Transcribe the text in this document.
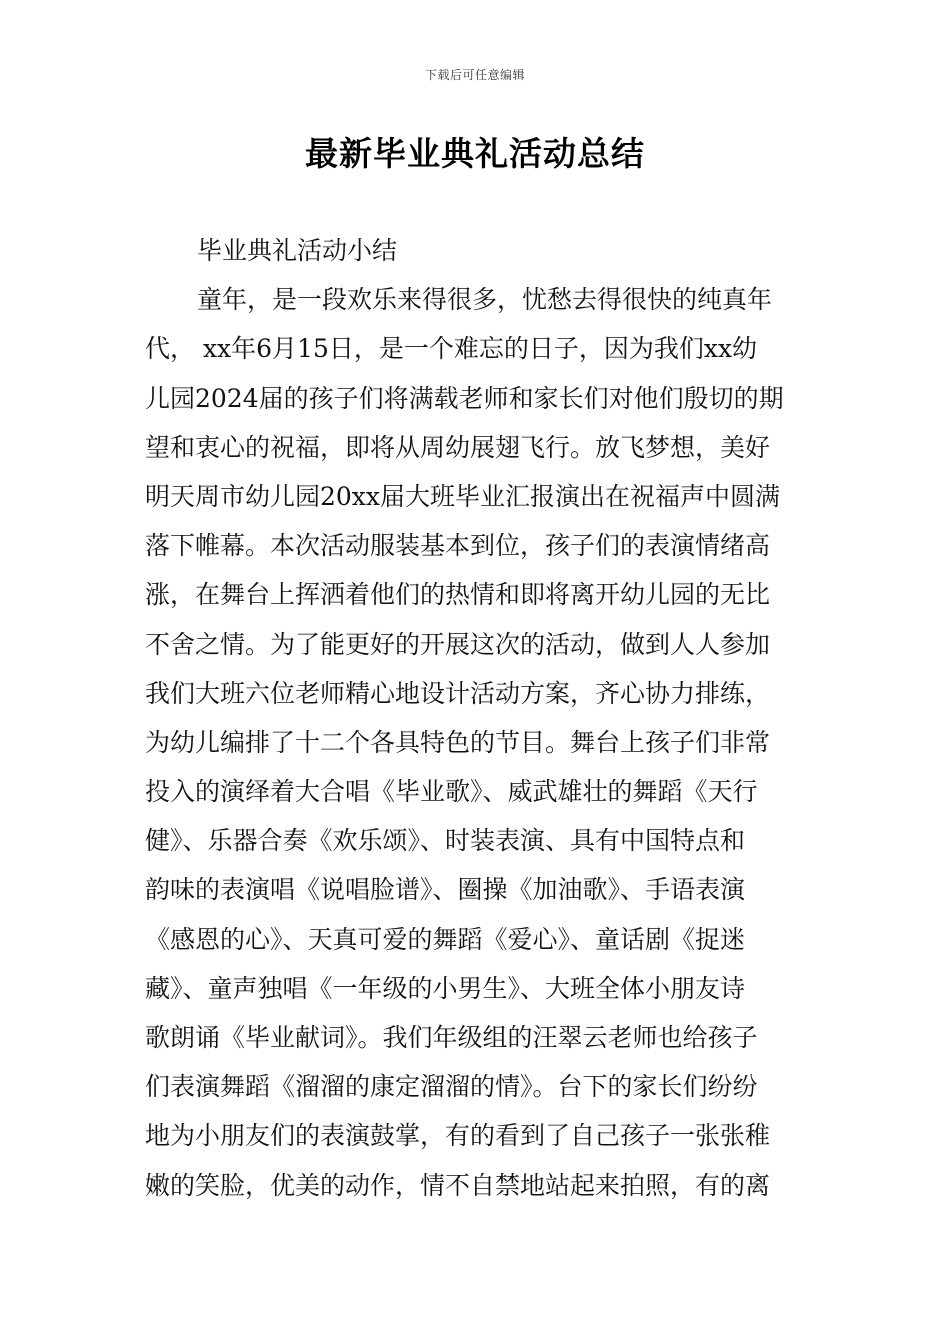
下载后可任意编辑
最新毕业典礼活动总结
毕业典礼活动小结
童年，是一段欢乐来得很多，忧愁去得很快的纯真年
代， xx年6月15日，是一个难忘的日子，因为我们xx幼
儿园2024届的孩子们将满载老师和家长们对他们殷切的期
望和衷心的祝福，即将从周幼展翅飞行。放飞梦想，美好
明天周市幼儿园20xx届大班毕业汇报演出在祝福声中圆满
落下帷幕。本次活动服装基本到位，孩子们的表演情绪高
涨，在舞台上挥洒着他们的热情和即将离开幼儿园的无比
不舍之情。为了能更好的开展这次的活动，做到人人参加
我们大班六位老师精心地设计活动方案，齐心协力排练，
为幼儿编排了十二个各具特色的节目。舞台上孩子们非常
投入的演绎着大合唱《毕业歌》、威武雄壮的舞蹈《天行
健》、乐器合奏《欢乐颂》、时装表演、具有中国特点和
韵味的表演唱《说唱脸谱》、圈操《加油歌》、手语表演
《感恩的心》、天真可爱的舞蹈《爱心》、童话剧《捉迷
藏》、童声独唱《一年级的小男生》、大班全体小朋友诗
歌朗诵《毕业献词》。我们年级组的汪翠云老师也给孩子
们表演舞蹈《溜溜的康定溜溜的情》。台下的家长们纷纷
地为小朋友们的表演鼓掌，有的看到了自己孩子一张张稚
嫩的笑脸，优美的动作，情不自禁地站起来拍照，有的离
